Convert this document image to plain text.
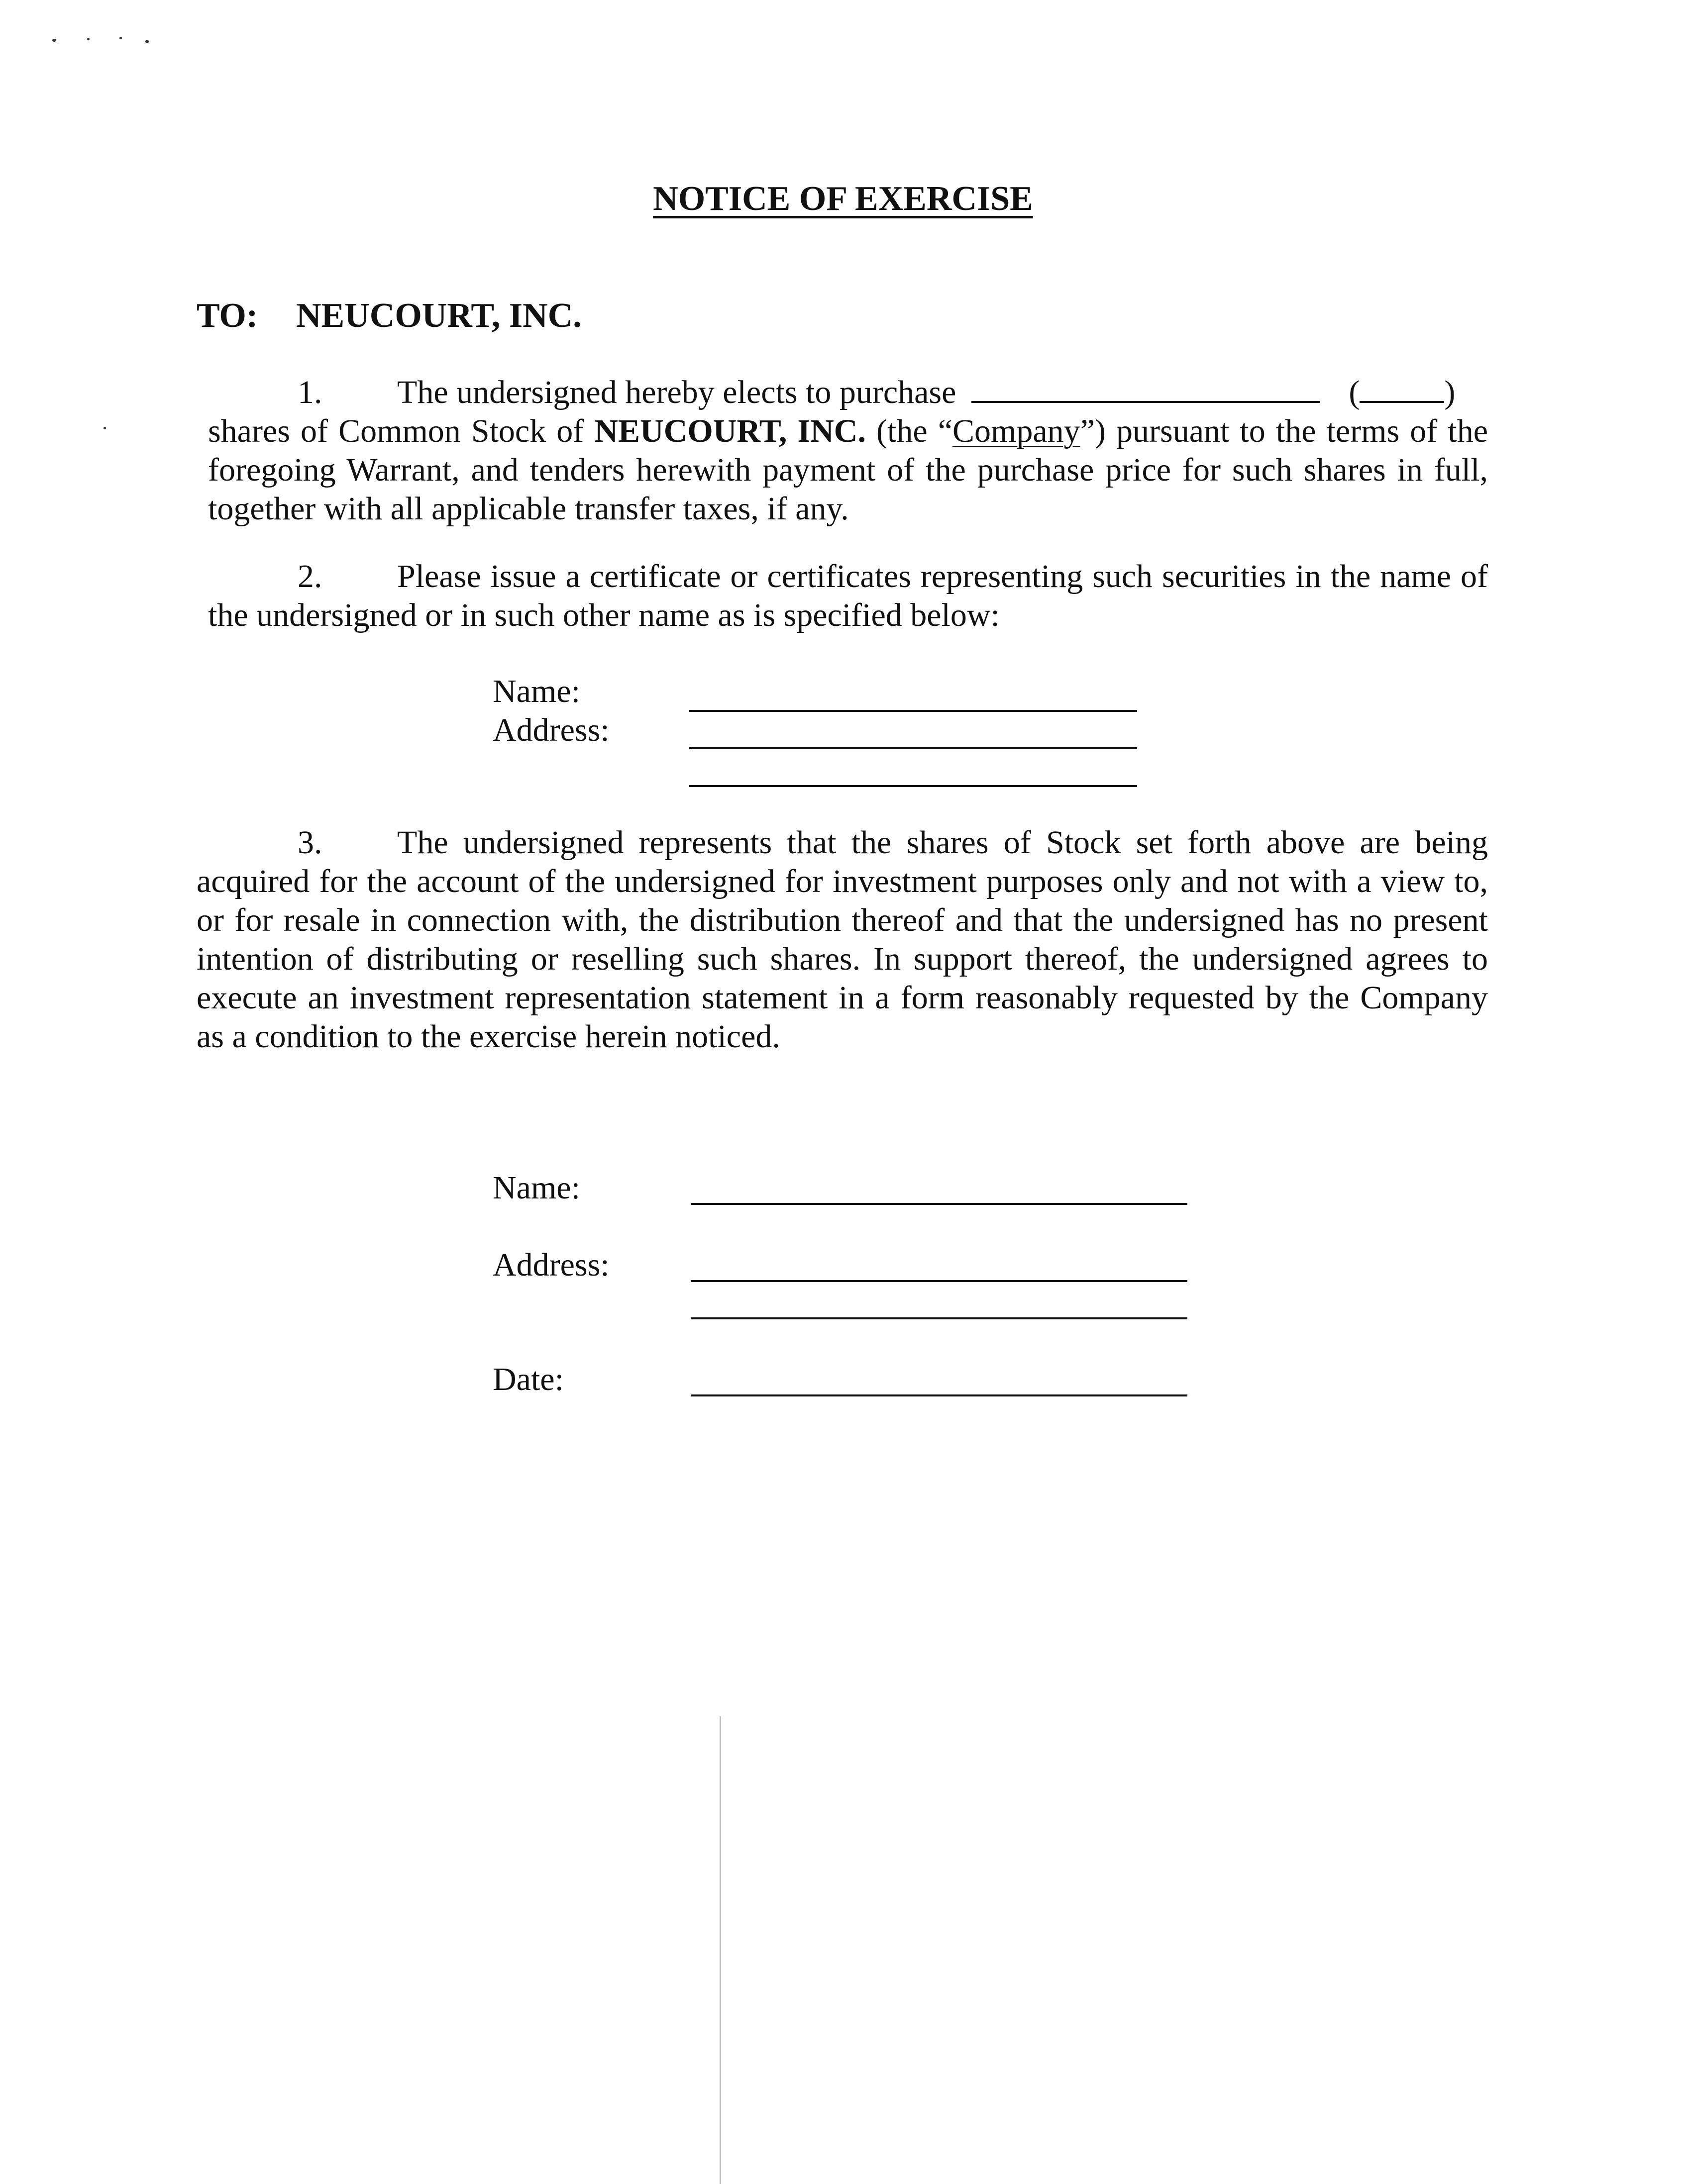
NOTICE OF EXERCISE
TO: NEUCOURT, INC.
1. The undersigned hereby elects to purchase	(	)
shares of Common Stock of NEUCOURT, INC. (the “Company”) pursuant to the terms of the
foregoing Warrant, and tenders herewith payment of the purchase price for such shares in full,
together with all applicable transfer taxes, if any.
2. Please issue a certificate or certificates representing such securities in the name of
the undersigned or in such other name as is specified below:
Name:
Address:
3. The undersigned represents that the shares of Stock set forth above are being
acquired for the account of the undersigned for investment purposes only and not with a view to,
or for resale in connection with, the distribution thereof and that the undersigned has no present
intention of distributing or reselling such shares. In support thereof, the undersigned agrees to
execute an investment representation statement in a form reasonably requested by the Company
as a condition to the exercise herein noticed.
Name:
Address:
Date:
